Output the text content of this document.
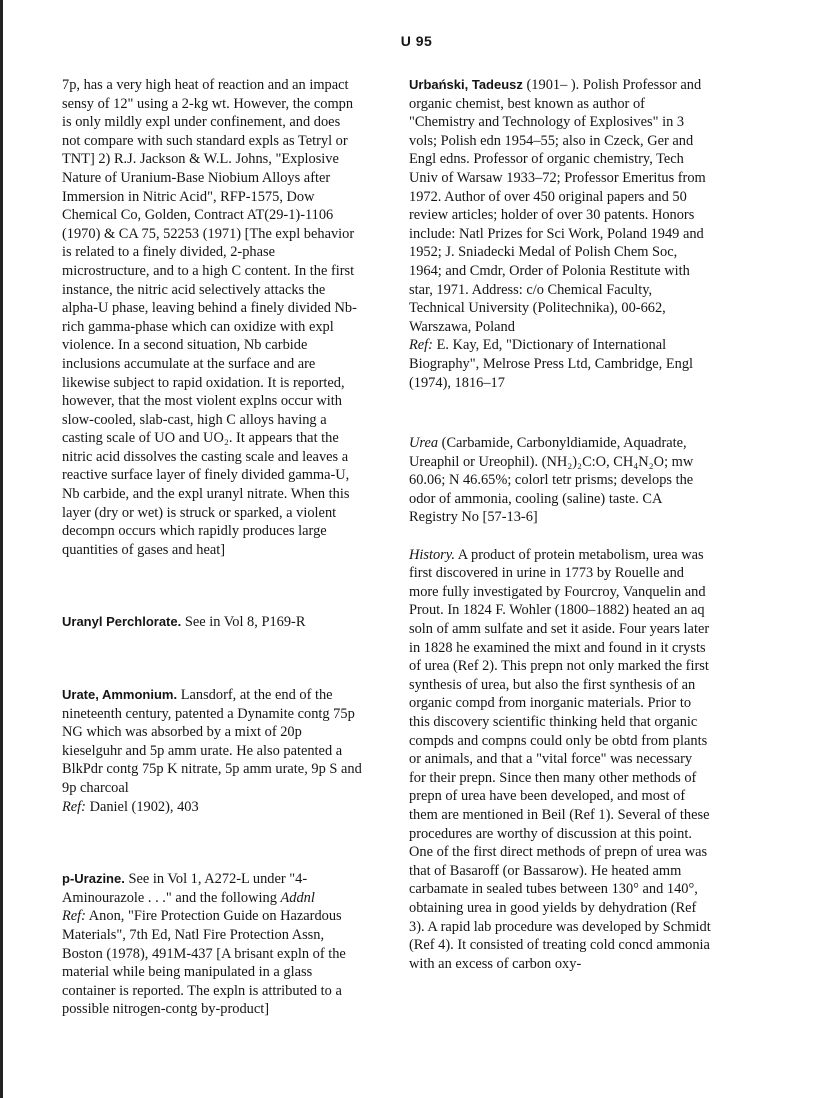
U 95

7p, has a very high heat of reaction and an impact sensy of 12" using a 2-kg wt. However, the compn is only mildly expl under confinement, and does not compare with such standard expls as Tetryl or TNT] 2) R.J. Jackson & W.L. Johns, "Explosive Nature of Uranium-Base Niobium Alloys after Immersion in Nitric Acid", RFP-1575, Dow Chemical Co, Golden, Contract AT(29-1)-1106 (1970) & CA 75, 52253 (1971) [The expl behavior is related to a finely divided, 2-phase microstructure, and to a high C content. In the first instance, the nitric acid selectively attacks the alpha-U phase, leaving behind a finely divided Nb-rich gamma-phase which can oxidize with expl violence. In a second situation, Nb carbide inclusions accumulate at the surface and are likewise subject to rapid oxidation. It is reported, however, that the most violent explns occur with slow-cooled, slab-cast, high C alloys having a casting scale of UO and UO₂. It appears that the nitric acid dissolves the casting scale and leaves a reactive surface layer of finely divided gamma-U, Nb carbide, and the expl uranyl nitrate. When this layer (dry or wet) is struck or sparked, a violent decompn occurs which rapidly produces large quantities of gases and heat]

Uranyl Perchlorate. See in Vol 8, P169-R

Urate, Ammonium. Lansdorf, at the end of the nineteenth century, patented a Dynamite contg 75p NG which was absorbed by a mixt of 20p kieselguhr and 5p amm urate. He also patented a BlkPdr contg 75p K nitrate, 5p amm urate, 9p S and 9p charcoal
Ref: Daniel (1902), 403

p-Urazine. See in Vol 1, A272-L under "4-Aminourazole . . ." and the following Addnl
Ref: Anon, "Fire Protection Guide on Hazardous Materials", 7th Ed, Natl Fire Protection Assn, Boston (1978), 491M-437 [A brisant expln of the material while being manipulated in a glass container is reported. The expln is attributed to a possible nitrogen-contg by-product]

Urbański, Tadeusz (1901– ). Polish Professor and organic chemist, best known as author of "Chemistry and Technology of Explosives" in 3 vols; Polish edn 1954–55; also in Czeck, Ger and Engl edns. Professor of organic chemistry, Tech Univ of Warsaw 1933–72; Professor Emeritus from 1972. Author of over 450 original papers and 50 review articles; holder of over 30 patents. Honors include: Natl Prizes for Sci Work, Poland 1949 and 1952; J. Sniadecki Medal of Polish Chem Soc, 1964; and Cmdr, Order of Polonia Restitute with star, 1971. Address: c/o Chemical Faculty, Technical University (Politechnika), 00-662, Warszawa, Poland
Ref: E. Kay, Ed, "Dictionary of International Biography", Melrose Press Ltd, Cambridge, Engl (1974), 1816–17

Urea (Carbamide, Carbonyldiamide, Aquadrate, Ureaphil or Ureophil). (NH₂)₂C:O, CH₄N₂O; mw 60.06; N 46.65%; colorl tetr prisms; develops the odor of ammonia, cooling (saline) taste. CA Registry No [57-13-6]

History. A product of protein metabolism, urea was first discovered in urine in 1773 by Rouelle and more fully investigated by Fourcroy, Vanquelin and Prout. In 1824 F. Wohler (1800–1882) heated an aq soln of amm sulfate and set it aside. Four years later in 1828 he examined the mixt and found in it crysts of urea (Ref 2). This prepn not only marked the first synthesis of urea, but also the first synthesis of an organic compd from inorganic materials. Prior to this discovery scientific thinking held that organic compds and compns could only be obtd from plants or animals, and that a "vital force" was necessary for their prepn. Since then many other methods of prepn of urea have been developed, and most of them are mentioned in Beil (Ref 1). Several of these procedures are worthy of discussion at this point. One of the first direct methods of prepn of urea was that of Basaroff (or Bassarow). He heated amm carbamate in sealed tubes between 130° and 140°, obtaining urea in good yields by dehydration (Ref 3). A rapid lab procedure was developed by Schmidt (Ref 4). It consisted of treating cold concd ammonia with an excess of carbon oxy-
